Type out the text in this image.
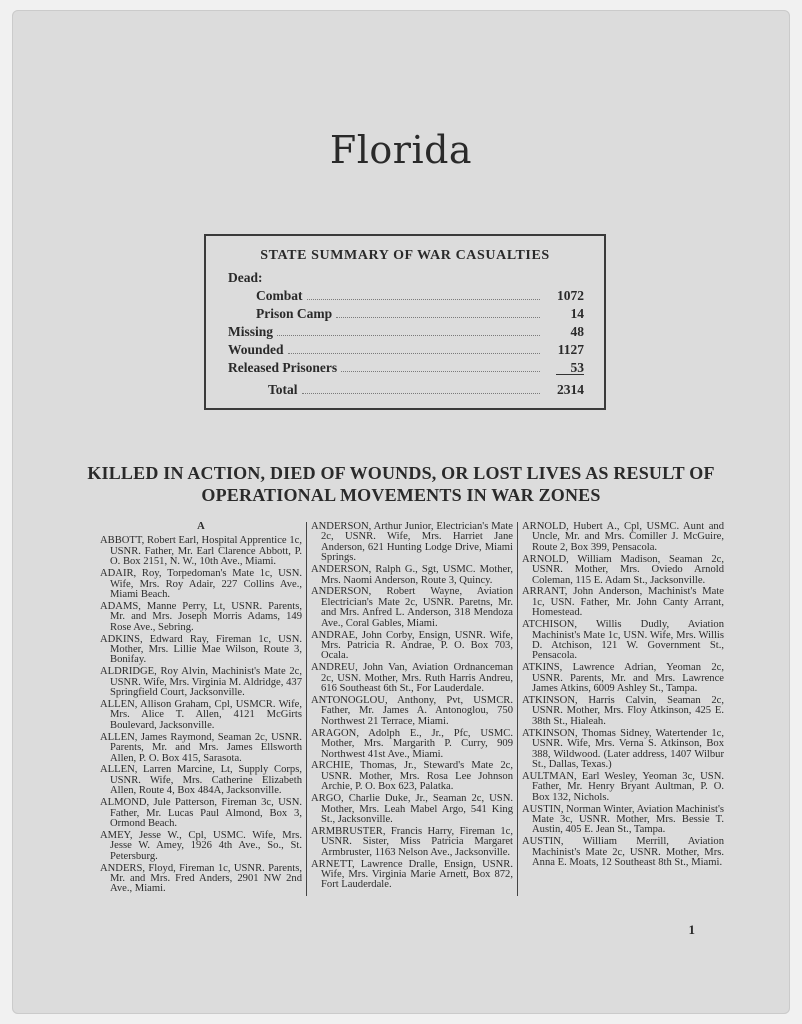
Florida
STATE SUMMARY OF WAR CASUALTIES
Dead:
Combat	1072
Prison Camp	14
Missing	48
Wounded	1127
Released Prisoners	53
Total	2314
KILLED IN ACTION, DIED OF WOUNDS, OR LOST LIVES AS RESULT OF OPERATIONAL MOVEMENTS IN WAR ZONES
A
ABBOTT, Robert Earl, Hospital Apprentice 1c, USNR. Father, Mr. Earl Clarence Abbott, P. O. Box 2151, N. W., 10th Ave., Miami.
ADAIR, Roy, Torpedoman's Mate 1c, USN. Wife, Mrs. Roy Adair, 227 Collins Ave., Miami Beach.
ADAMS, Manne Perry, Lt, USNR. Parents, Mr. and Mrs. Joseph Morris Adams, 149 Rose Ave., Sebring.
ADKINS, Edward Ray, Fireman 1c, USN. Mother, Mrs. Lillie Mae Wilson, Route 3, Bonifay.
ALDRIDGE, Roy Alvin, Machinist's Mate 2c, USNR. Wife, Mrs. Virginia M. Aldridge, 437 Springfield Court, Jacksonville.
ALLEN, Allison Graham, Cpl, USMCR. Wife, Mrs. Alice T. Allen, 4121 McGirts Boulevard, Jacksonville.
ALLEN, James Raymond, Seaman 2c, USNR. Parents, Mr. and Mrs. James Ellsworth Allen, P. O. Box 415, Sarasota.
ALLEN, Larren Marcine, Lt, Supply Corps, USNR. Wife, Mrs. Catherine Elizabeth Allen, Route 4, Box 484A, Jacksonville.
ALMOND, Jule Patterson, Fireman 3c, USN. Father, Mr. Lucas Paul Almond, Box 3, Ormond Beach.
AMEY, Jesse W., Cpl, USMC. Wife, Mrs. Jesse W. Amey, 1926 4th Ave., So., St. Petersburg.
ANDERS, Floyd, Fireman 1c, USNR. Parents, Mr. and Mrs. Fred Anders, 2901 NW 2nd Ave., Miami.
ANDERSON, Arthur Junior, Electrician's Mate 2c, USNR. Wife, Mrs. Harriet Jane Anderson, 621 Hunting Lodge Drive, Miami Springs.
ANDERSON, Ralph G., Sgt, USMC. Mother, Mrs. Naomi Anderson, Route 3, Quincy.
ANDERSON, Robert Wayne, Aviation Electrician's Mate 2c, USNR. Paretns, Mr. and Mrs. Anfred L. Anderson, 318 Mendoza Ave., Coral Gables, Miami.
ANDRAE, John Corby, Ensign, USNR. Wife, Mrs. Patricia R. Andrae, P. O. Box 703, Ocala.
ANDREU, John Van, Aviation Ordnanceman 2c, USN. Mother, Mrs. Ruth Harris Andreu, 616 Southeast 6th St., For Lauderdale.
ANTONOGLOU, Anthony, Pvt, USMCR. Father, Mr. James A. Antonoglou, 750 Northwest 21 Terrace, Miami.
ARAGON, Adolph E., Jr., Pfc, USMC. Mother, Mrs. Margarith P. Curry, 909 Northwest 41st Ave., Miami.
ARCHIE, Thomas, Jr., Steward's Mate 2c, USNR. Mother, Mrs. Rosa Lee Johnson Archie, P. O. Box 623, Palatka.
ARGO, Charlie Duke, Jr., Seaman 2c, USN. Mother, Mrs. Leah Mabel Argo, 541 King St., Jacksonville.
ARMBRUSTER, Francis Harry, Fireman 1c, USNR. Sister, Miss Patricia Margaret Armbruster, 1163 Nelson Ave., Jacksonville.
ARNETT, Lawrence Dralle, Ensign, USNR. Wife, Mrs. Virginia Marie Arnett, Box 872, Fort Lauderdale.
ARNOLD, Hubert A., Cpl, USMC. Aunt and Uncle, Mr. and Mrs. Comiller J. McGuire, Route 2, Box 399, Pensacola.
ARNOLD, William Madison, Seaman 2c, USNR. Mother, Mrs. Oviedo Arnold Coleman, 115 E. Adam St., Jacksonville.
ARRANT, John Anderson, Machinist's Mate 1c, USN. Father, Mr. John Canty Arrant, Homestead.
ATCHISON, Willis Dudly, Aviation Machinist's Mate 1c, USN. Wife, Mrs. Willis D. Atchison, 121 W. Government St., Pensacola.
ATKINS, Lawrence Adrian, Yeoman 2c, USNR. Parents, Mr. and Mrs. Lawrence James Atkins, 6009 Ashley St., Tampa.
ATKINSON, Harris Calvin, Seaman 2c, USNR. Mother, Mrs. Floy Atkinson, 425 E. 38th St., Hialeah.
ATKINSON, Thomas Sidney, Watertender 1c, USNR. Wife, Mrs. Verna S. Atkinson, Box 388, Wildwood. (Later address, 1407 Wilbur St., Dallas, Texas.)
AULTMAN, Earl Wesley, Yeoman 3c, USN. Father, Mr. Henry Bryant Aultman, P. O. Box 132, Nichols.
AUSTIN, Norman Winter, Aviation Machinist's Mate 3c, USNR. Mother, Mrs. Bessie T. Austin, 405 E. Jean St., Tampa.
AUSTIN, William Merrill, Aviation Machinist's Mate 2c, USNR. Mother, Mrs. Anna E. Moats, 12 Southeast 8th St., Miami.
1
